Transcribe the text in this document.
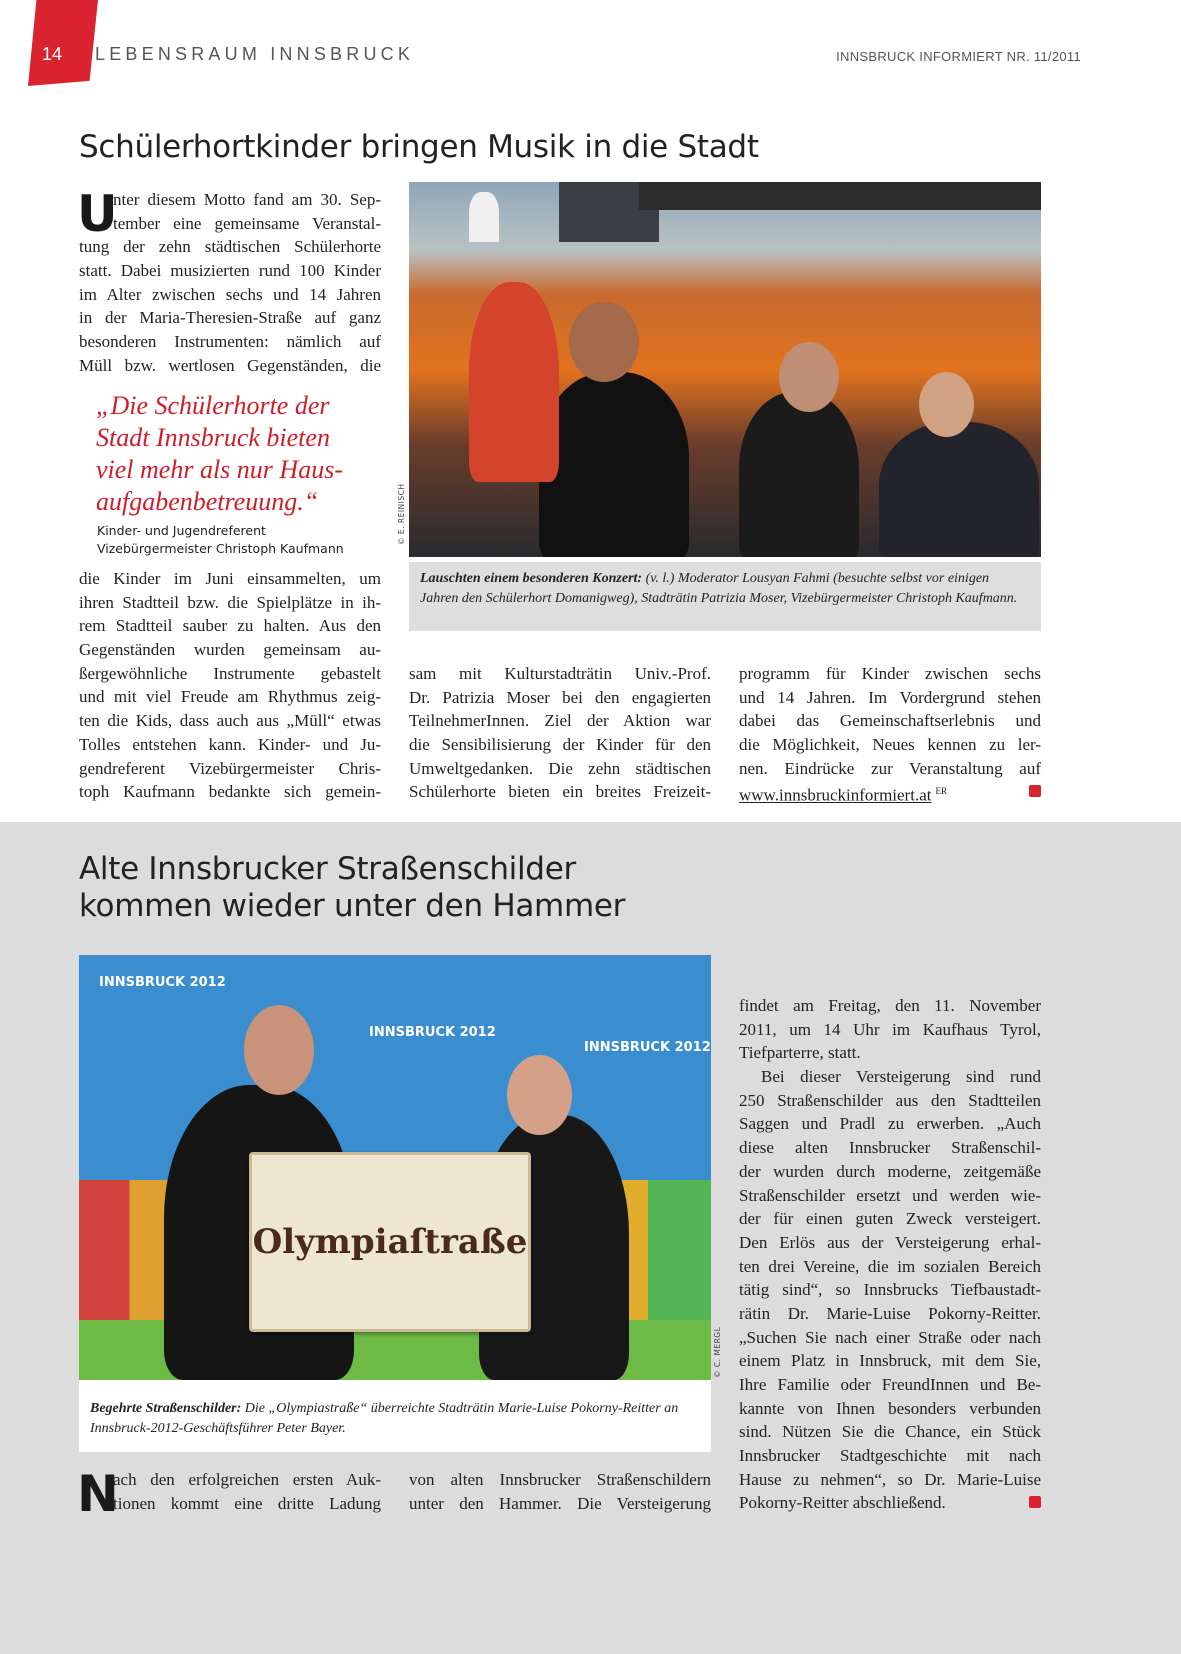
14 LEBENSRAUM INNSBRUCK	INNSBRUCK INFORMIERT NR. 11/2011
Schülerhortkinder bringen Musik in die Stadt
U
nter diesem Motto fand am 30. Sep-
tember eine gemeinsame Veranstal-
tung der zehn städtischen Schülerhorte
statt. Dabei musizierten rund 100 Kinder
im Alter zwischen sechs und 14 Jahren
in der Maria-Theresien-Straße auf ganz
besonderen Instrumenten: nämlich auf
Müll bzw. wertlosen Gegenständen, die
„Die Schülerhorte der
Stadt Innsbruck bieten
viel mehr als nur Haus-
aufgabenbetreuung.“
Kinder- und Jugendreferent
Vizebürgermeister Christoph Kaufmann
die Kinder im Juni einsammelten, um
ihren Stadtteil bzw. die Spielplätze in ih-
rem Stadtteil sauber zu halten. Aus den
Gegenständen wurden gemeinsam au-
ßergewöhnliche Instrumente gebastelt
und mit viel Freude am Rhythmus zeig-
ten die Kids, dass auch aus „Müll“ etwas
Tolles entstehen kann. Kinder- und Ju-
gendreferent Vizebürgermeister Chris-
toph Kaufmann bedankte sich gemein-
© E. REINISCH
Lauschten einem besonderen Konzert: (v. l.) Moderator Lousyan Fahmi (besuchte selbst vor einigen Jahren den Schülerhort Domanigweg), Stadträtin Patrizia Moser, Vizebürgermeister Christoph Kaufmann.
sam mit Kulturstadträtin Univ.-Prof.
Dr. Patrizia Moser bei den engagierten
TeilnehmerInnen. Ziel der Aktion war
die Sensibilisierung der Kinder für den
Umweltgedanken. Die zehn städtischen
Schülerhorte bieten ein breites Freizeit-
programm für Kinder zwischen sechs
und 14 Jahren. Im Vordergrund stehen
dabei das Gemeinschaftserlebnis und
die Möglichkeit, Neues kennen zu ler-
nen. Eindrücke zur Veranstaltung auf
www.innsbruckinformiert.at $^{ER}$
Alte Innsbrucker Straßenschilder
kommen wieder unter den Hammer
INNSBRUCK 2012
INNSBRUCK 2012
INNSBRUCK 2012
Olympiaſtraße
© C. MERGL
Begehrte Straßenschilder: Die „Olympiastraße“ überreichte Stadträtin Marie-Luise Pokorny-Reitter an Innsbruck-2012-Geschäftsführer Peter Bayer.
N
ach den erfolgreichen ersten Auk-
tionen kommt eine dritte Ladung
von alten Innsbrucker Straßenschildern
unter den Hammer. Die Versteigerung
findet am Freitag, den 11. November
2011, um 14 Uhr im Kaufhaus Tyrol,
Tiefparterre, statt.
Bei dieser Versteigerung sind rund
250 Straßenschilder aus den Stadtteilen
Saggen und Pradl zu erwerben. „Auch
diese alten Innsbrucker Straßenschil-
der wurden durch moderne, zeitgemäße
Straßenschilder ersetzt und werden wie-
der für einen guten Zweck versteigert.
Den Erlös aus der Versteigerung erhal-
ten drei Vereine, die im sozialen Bereich
tätig sind“, so Innsbrucks Tiefbaustadt-
rätin Dr. Marie-Luise Pokorny-Reitter.
„Suchen Sie nach einer Straße oder nach
einem Platz in Innsbruck, mit dem Sie,
Ihre Familie oder FreundInnen und Be-
kannte von Ihnen besonders verbunden
sind. Nützen Sie die Chance, ein Stück
Innsbrucker Stadtgeschichte mit nach
Hause zu nehmen“, so Dr. Marie-Luise
Pokorny-Reitter abschließend.
